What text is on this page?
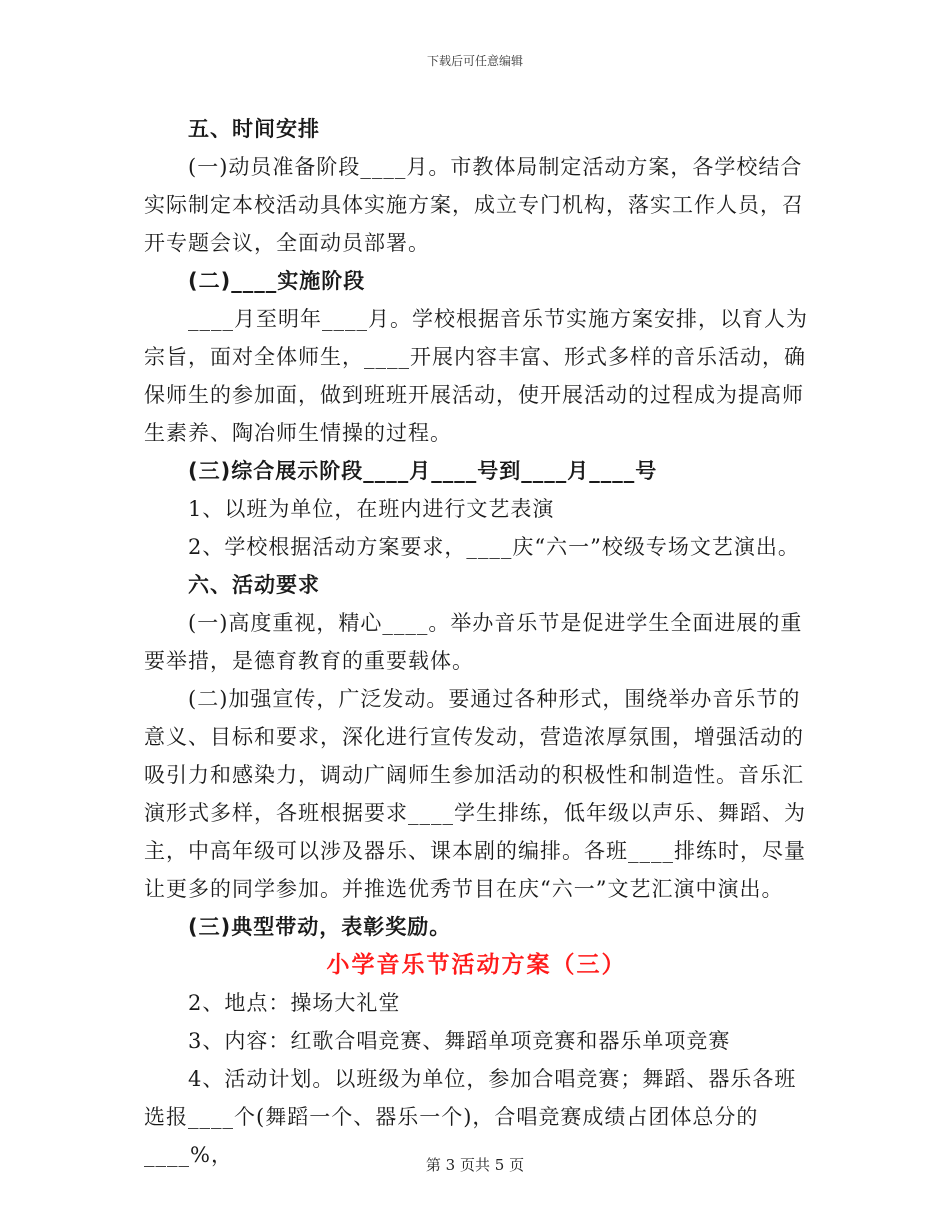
下载后可任意编辑

五、时间安排

(一)动员准备阶段____月。市教体局制定活动方案，各学校结合实际制定本校活动具体实施方案，成立专门机构，落实工作人员，召开专题会议，全面动员部署。

(二)____实施阶段

____月至明年____月。学校根据音乐节实施方案安排，以育人为宗旨，面对全体师生，____开展内容丰富、形式多样的音乐活动，确保师生的参加面，做到班班开展活动，使开展活动的过程成为提高师生素养、陶冶师生情操的过程。

(三)综合展示阶段____月____号到____月____号

1、以班为单位，在班内进行文艺表演

2、学校根据活动方案要求，____庆“六一”校级专场文艺演出。

六、活动要求

(一)高度重视，精心____。举办音乐节是促进学生全面进展的重要举措，是德育教育的重要载体。

(二)加强宣传，广泛发动。要通过各种形式，围绕举办音乐节的意义、目标和要求，深化进行宣传发动，营造浓厚氛围，增强活动的吸引力和感染力，调动广阔师生参加活动的积极性和制造性。音乐汇演形式多样，各班根据要求____学生排练，低年级以声乐、舞蹈、为主，中高年级可以涉及器乐、课本剧的编排。各班____排练时，尽量让更多的同学参加。并推选优秀节目在庆“六一”文艺汇演中演出。

(三)典型带动，表彰奖励。

小学音乐节活动方案（三）

2、地点：操场大礼堂

3、内容：红歌合唱竞赛、舞蹈单项竞赛和器乐单项竞赛

4、活动计划。以班级为单位，参加合唱竞赛；舞蹈、器乐各班选报____个(舞蹈一个、器乐一个)，合唱竞赛成绩占团体总分的____%，	第 3 页共 5 页
